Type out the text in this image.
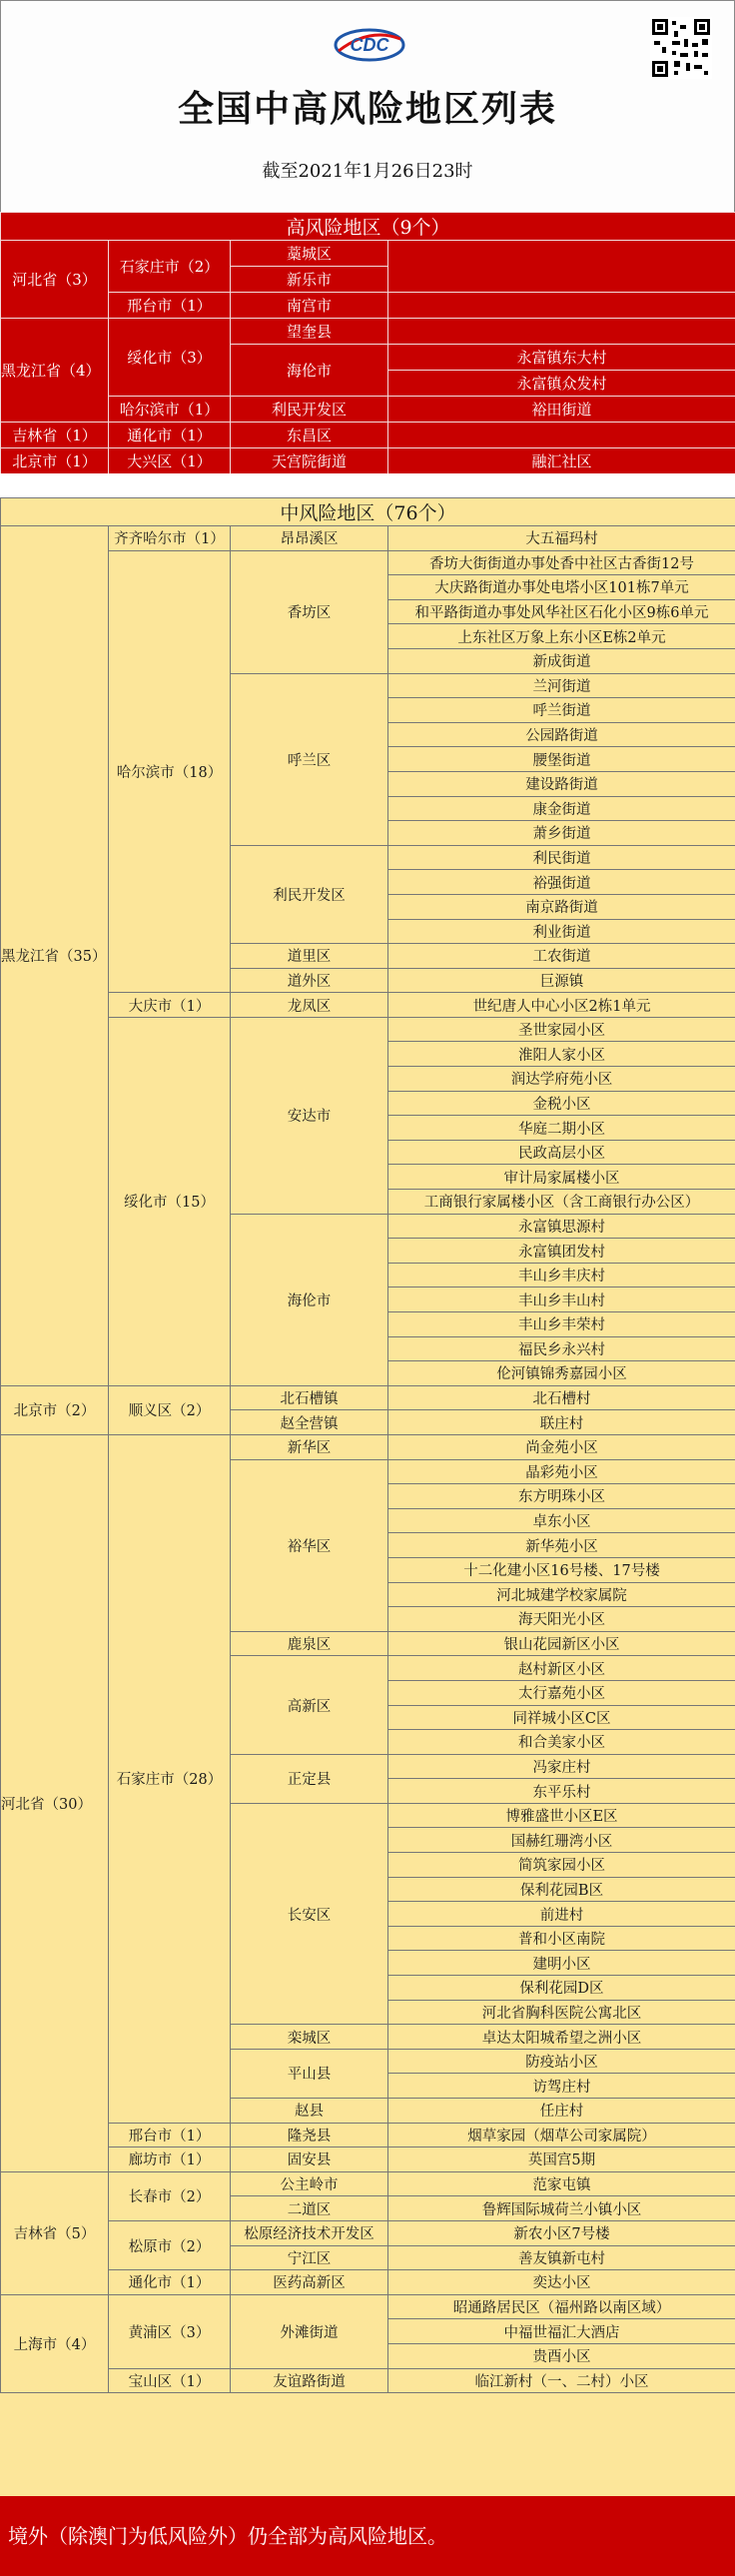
CDC
全国中高风险地区列表
截至2021年1月26日23时
高风险地区（9个）			
河北省（3）	石家庄市（2）	藁城区	
		新乐市	
	邢台市（1）	南宫市	
黑龙江省（4）	绥化市（3）	望奎县	
		海伦市	永富镇东大村
			永富镇众发村
	哈尔滨市（1）	利民开发区	裕田街道
吉林省（1）	通化市（1）	东昌区	
北京市（1）	大兴区（1）	天宫院街道	融汇社区
中风险地区（76个）			
黑龙江省（35）	齐齐哈尔市（1）	昂昂溪区	大五福玛村
	哈尔滨市（18）	香坊区	香坊大街街道办事处香中社区古香街12号
			大庆路街道办事处电塔小区101栋7单元
			和平路街道办事处风华社区石化小区9栋6单元
			上东社区万象上东小区E栋2单元
			新成街道
		呼兰区	兰河街道
			呼兰街道
			公园路街道
			腰堡街道
			建设路街道
			康金街道
			萧乡街道
		利民开发区	利民街道
			裕强街道
			南京路街道
			利业街道
		道里区	工农街道
		道外区	巨源镇
	大庆市（1）	龙凤区	世纪唐人中心小区2栋1单元
	绥化市（15）	安达市	圣世家园小区
			淮阳人家小区
			润达学府苑小区
			金税小区
			华庭二期小区
			民政高层小区
			审计局家属楼小区
			工商银行家属楼小区（含工商银行办公区）
		海伦市	永富镇思源村
			永富镇团发村
			丰山乡丰庆村
			丰山乡丰山村
			丰山乡丰荣村
			福民乡永兴村
			伦河镇锦秀嘉园小区
北京市（2）	顺义区（2）	北石槽镇	北石槽村
		赵全营镇	联庄村
河北省（30）	石家庄市（28）	新华区	尚金苑小区
		裕华区	晶彩苑小区
			东方明珠小区
			卓东小区
			新华苑小区
			十二化建小区16号楼、17号楼
			河北城建学校家属院
			海天阳光小区
		鹿泉区	银山花园新区小区
		高新区	赵村新区小区
			太行嘉苑小区
			同祥城小区C区
			和合美家小区
		正定县	冯家庄村
			东平乐村
		长安区	博雅盛世小区E区
			国赫红珊湾小区
			简筑家园小区
			保利花园B区
			前进村
			普和小区南院
			建明小区
			保利花园D区
			河北省胸科医院公寓北区
		栾城区	卓达太阳城希望之洲小区
		平山县	防疫站小区
			访驾庄村
		赵县	任庄村
	邢台市（1）	隆尧县	烟草家园（烟草公司家属院）
	廊坊市（1）	固安县	英国宫5期
吉林省（5）	长春市（2）	公主岭市	范家屯镇
		二道区	鲁辉国际城荷兰小镇小区
	松原市（2）	松原经济技术开发区	新农小区7号楼
		宁江区	善友镇新屯村
	通化市（1）	医药高新区	奕达小区
上海市（4）	黄浦区（3）	外滩街道	昭通路居民区（福州路以南区域）
			中福世福汇大酒店
			贵酉小区
	宝山区（1）	友谊路街道	临江新村（一、二村）小区
境外（除澳门为低风险外）仍全部为高风险地区。
